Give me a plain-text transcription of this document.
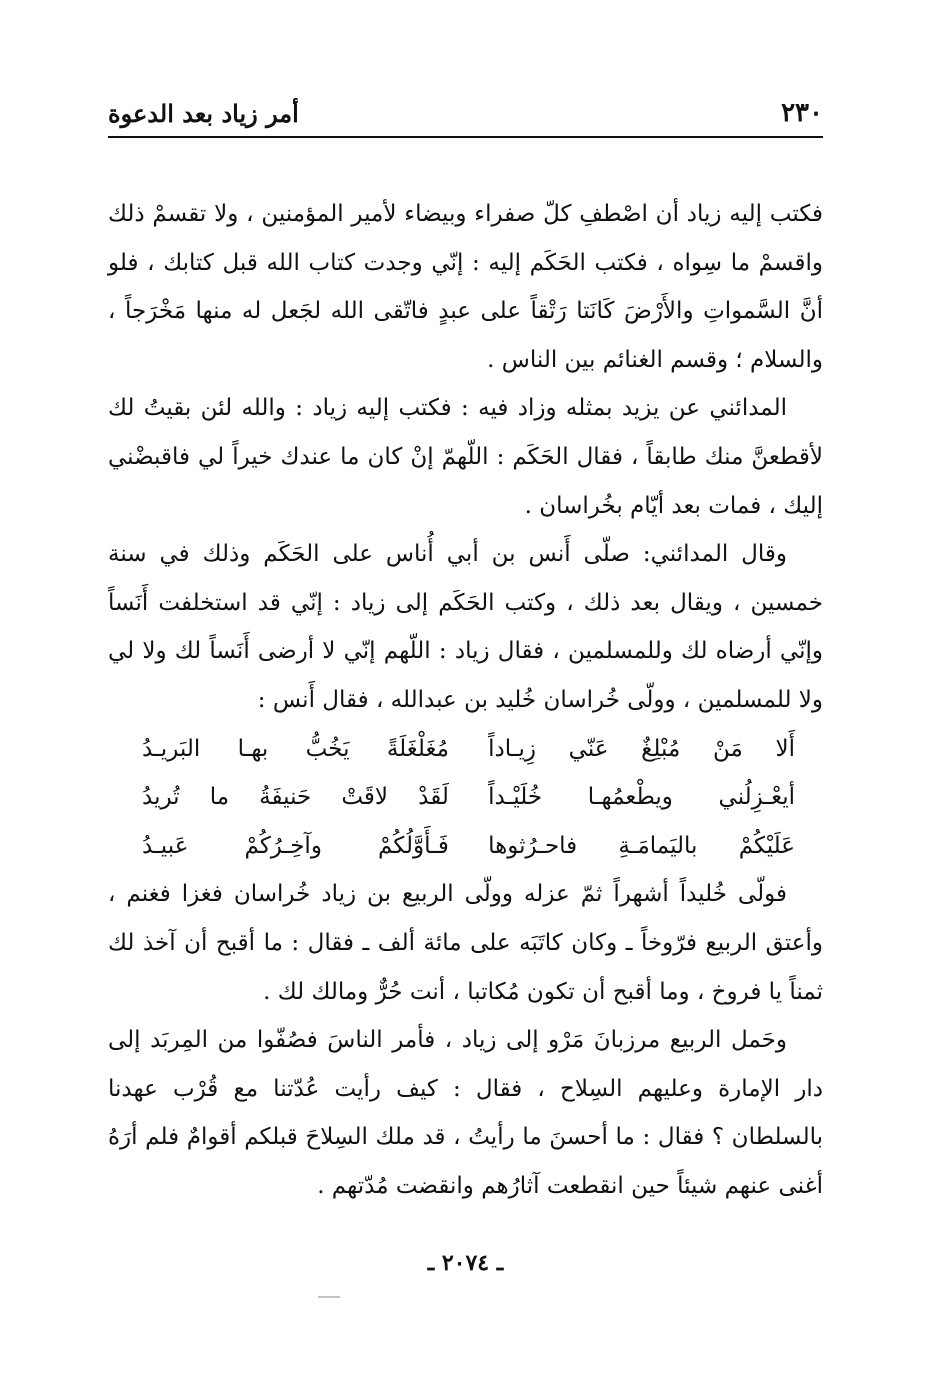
٢٣٠
أمر زياد بعد الدعوة

فكتب إليه زياد أن اصْطفِ كلّ صفراء وبيضاء لأمير المؤمنين ، ولا تقسمْ ذلك واقسمْ ما سِواه ، فكتب الحَكَم إليه : إنّي وجدت كتاب الله قبل كتابك ، فلو أنَّ السَّمواتِ والأَرْضَ كَانَتا رَتْقاً على عبدٍ فاتّقى الله لجَعل له منها مَخْرَجاً ، والسلام ؛ وقسم الغنائم بين الناس .

المدائني عن يزيد بمثله وزاد فيه : فكتب إليه زياد : والله لئن بقيتُ لك لأقطعنَّ منك طابقاً ، فقال الحَكَم : اللّهمّ إنْ كان ما عندك خيراً لي فاقبضْني إليك ، فمات بعد أيّام بخُراسان .

وقال المدائني: صلّى أَنس بن أبي أُناس على الحَكَم وذلك في سنة خمسين ، ويقال بعد ذلك ، وكتب الحَكَم إلى زياد : إنّي قد استخلفت أَنَساً وإنّي أرضاه لك وللمسلمين ، فقال زياد : اللّهم إنّي لا أرضى أَنَساً لك ولا لي ولا للمسلمين ، وولّى خُراسان خُليد بن عبدالله ، فقال أَنس :

أَلا مَنْ مُبْلِغٌ عَنّي زِيـاداً
مُغَلْغَلَةً يَخُبُّ بهـا البَريـدُ
أيعْـزِلُني ويطْعمُهـا خُلَيْـداً
لَقَدْ لاقَتْ حَنيفَةُ ما تُريدُ
عَلَيْكُمْ باليَمامَـةِ فاحـرُثوها
فَـأَوَّلُكُمْ وآخِـرُكُمْ عَبيـدُ

فولّى خُليداً أشهراً ثمّ عزله وولّى الربيع بن زياد خُراسان فغزا فغنم ، وأعتق الربيع فرّوخاً ـ وكان كاتَبَه على مائة ألف ـ فقال : ما أقبح أن آخذ لك ثمناً يا فروخ ، وما أقبح أن تكون مُكاتبا ، أنت حُرٌّ ومالك لك .

وحَمل الربيع مرزبانَ مَرْو إلى زياد ، فأمر الناسَ فصُفّوا من المِربَد إلى دار الإمارة وعليهم السِلاح ، فقال : كيف رأيت عُدّتنا مع قُرْب عهدنا بالسلطان ؟ فقال : ما أحسنَ ما رأيتُ ، قد ملك السِلاحَ قبلكم أقوامٌ فلم أرَهُ أغنى عنهم شيئاً حين انقطعت آثارُهم وانقضت مُدّتهم .

ـ ٢٠٧٤ ـ
